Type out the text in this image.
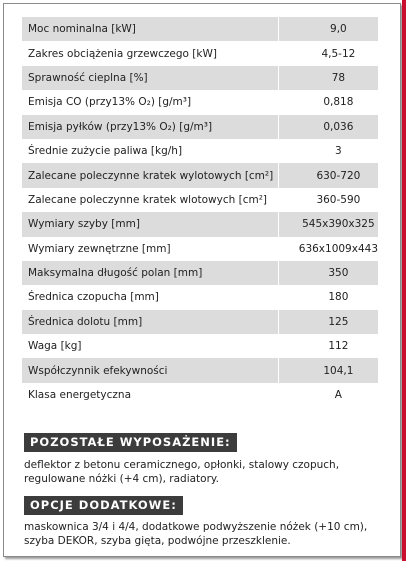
Moc nominalna [kW]	9,0
Zakres obciążenia grzewczego [kW]	4,5-12
Sprawność cieplna [%]	78
Emisja CO (przy13% O₂) [g/m³]	0,818
Emisja pyłków (przy13% O₂) [g/m³]	0,036
Średnie zużycie paliwa [kg/h]	3
Zalecane poleczynne kratek wylotowych [cm²]	630-720
Zalecane poleczynne kratek wlotowych [cm²]	360-590
Wymiary szyby [mm]	545x390x325
Wymiary zewnętrzne [mm]	636x1009x443
Maksymalna długość polan [mm]	350
Średnica czopucha [mm]	180
Średnica dolotu [mm]	125
Waga [kg]	112
Współczynnik efekywności	104,1
Klasa energetyczna	A
POZOSTAŁE WYPOSAŻENIE:
deflektor z betonu ceramicznego, opłonki, stalowy czopuch, regulowane nóżki (+4 cm), radiatory.
OPCJE DODATKOWE:
maskownica 3/4 i 4/4, dodatkowe podwyższenie nóżek (+10 cm), szyba DEKOR, szyba gięta, podwójne przeszklenie.
